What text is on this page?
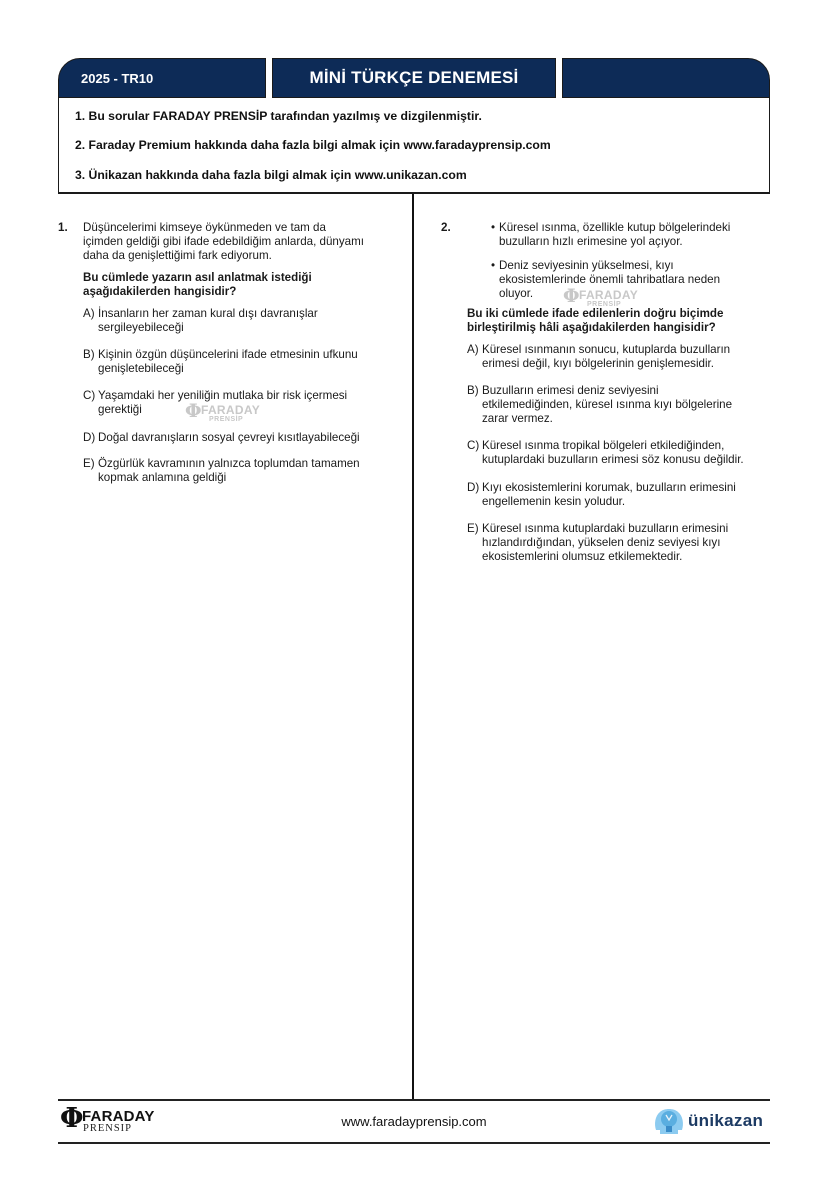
2025 - TR10	MİNİ TÜRKÇE DENEMESİ
1. Bu sorular FARADAY PRENSİP tarafından yazılmış ve dizgilenmiştir.
2. Faraday Premium hakkında daha fazla bilgi almak için www.faradayprensip.com
3. Ünikazan hakkında daha fazla bilgi almak için www.unikazan.com
1. Düşüncelerimi kimseye öykünmeden ve tam da
içimden geldiği gibi ifade edebildiğim anlarda, dünyamı
daha da genişlettiğimi fark ediyorum.
Bu cümlede yazarın asıl anlatmak istediği
aşağıdakilerden hangisidir?
A) İnsanların her zaman kural dışı davranışlar
sergileyebileceği
B) Kişinin özgün düşüncelerini ifade etmesinin ufkunu
genişletebileceği
C) Yaşamdaki her yeniliğin mutlaka bir risk içermesi
gerektiği
D) Doğal davranışların sosyal çevreyi kısıtlayabileceği
E) Özgürlük kavramının yalnızca toplumdan tamamen
kopmak anlamına geldiği
Φ FARADAY
PRENSİP
2.	• Küresel ısınma, özellikle kutup bölgelerindeki
buzulların hızlı erimesine yol açıyor.
• Deniz seviyesinin yükselmesi, kıyı
ekosistemlerinde önemli tahribatlara neden
oluyor.
Bu iki cümlede ifade edilenlerin doğru biçimde
birleştirilmiş hâli aşağıdakilerden hangisidir?
A) Küresel ısınmanın sonucu, kutuplarda buzulların
erimesi değil, kıyı bölgelerinin genişlemesidir.
B) Buzulların erimesi deniz seviyesini
etkilemediğinden, küresel ısınma kıyı bölgelerine
zarar vermez.
C) Küresel ısınma tropikal bölgeleri etkilediğinden,
kutuplardaki buzulların erimesi söz konusu değildir.
D) Kıyı ekosistemlerini korumak, buzulların erimesini
engellemenin kesin yoludur.
E) Küresel ısınma kutuplardaki buzulların erimesini
hızlandırdığından, yükselen deniz seviyesi kıyı
ekosistemlerini olumsuz etkilemektedir.
Φ FARADAY
PRENSİP
Φ
FARADAY
PRENSIP	www.faradayprensip.com	ünikazan
